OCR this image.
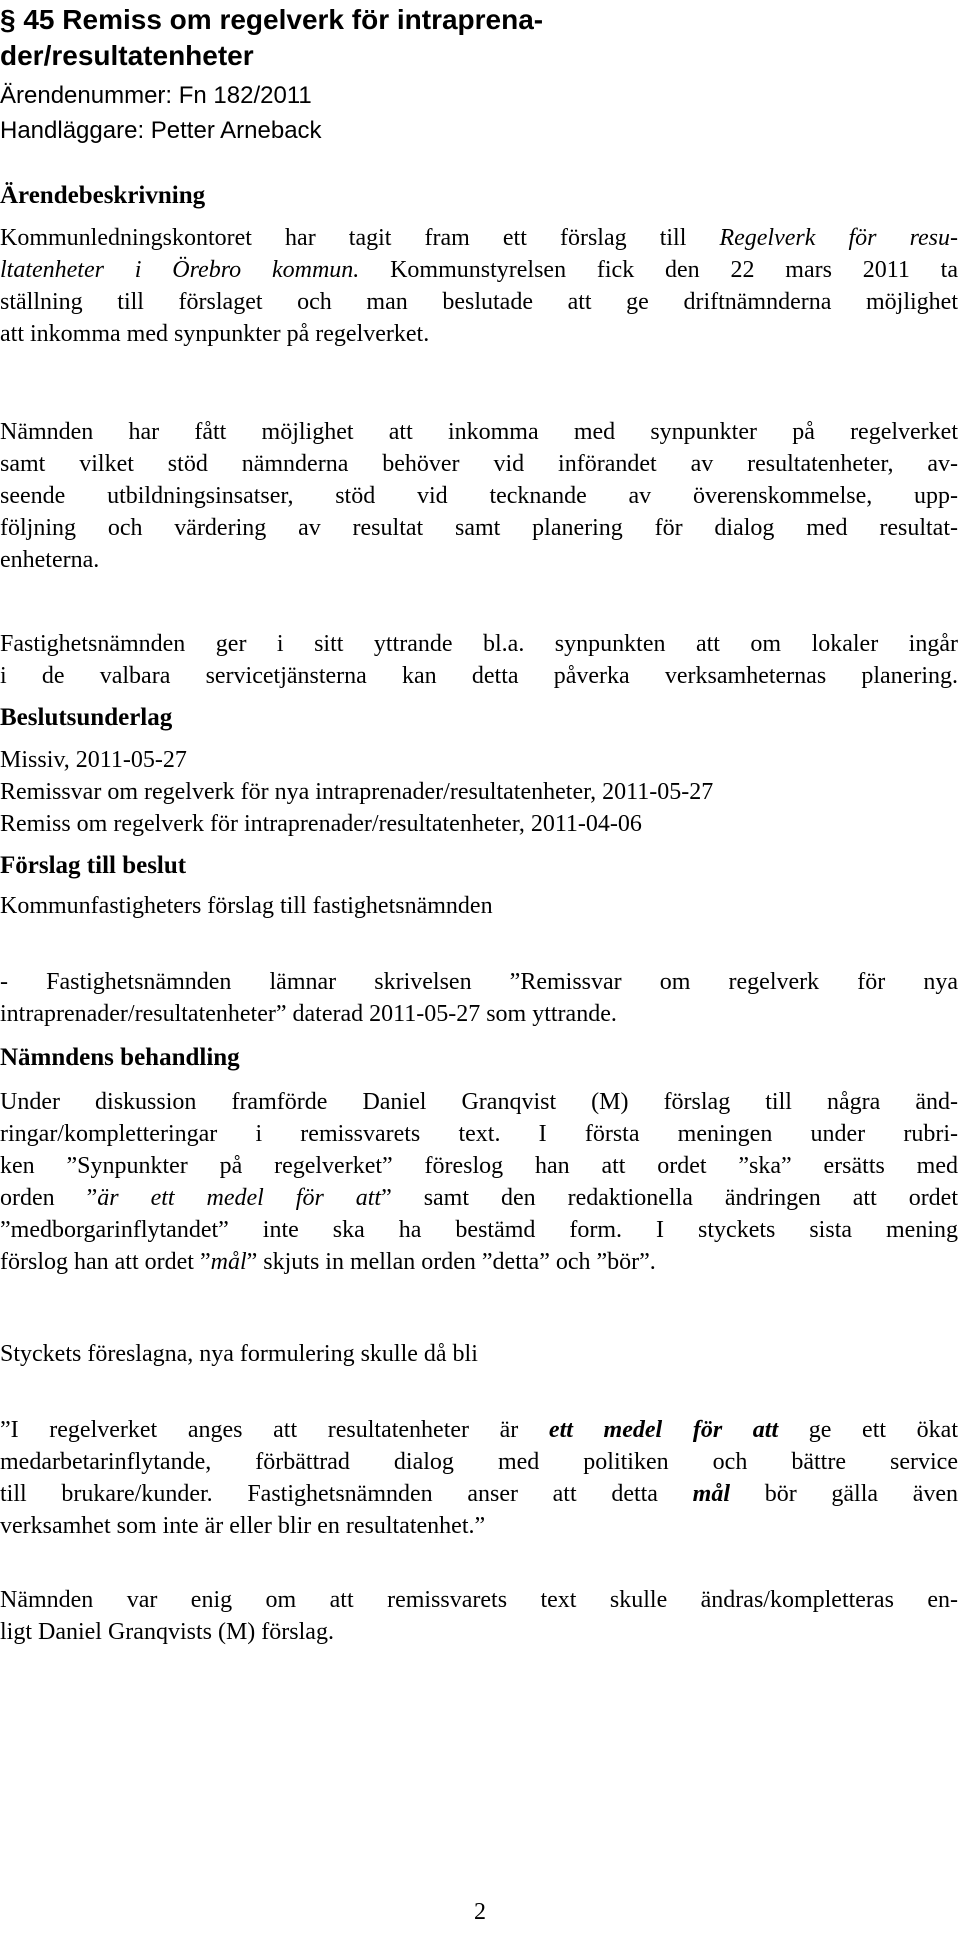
§ 45 Remiss om regelverk för intraprena-
der/resultatenheter
Ärendenummer: Fn 182/2011
Handläggare: Petter Arneback
Ärendebeskrivning
Kommunledningskontoret har tagit fram ett förslag till Regelverk för resu-
ltatenheter i Örebro kommun. Kommunstyrelsen fick den 22 mars 2011 ta
ställning till förslaget och man beslutade att ge driftnämnderna möjlighet
att inkomma med synpunkter på regelverket.
Nämnden har fått möjlighet att inkomma med synpunkter på regelverket
samt vilket stöd nämnderna behöver vid införandet av resultatenheter, av-
seende utbildningsinsatser, stöd vid tecknande av överenskommelse, upp-
följning och värdering av resultat samt planering för dialog med resultat-
enheterna.
Fastighetsnämnden ger i sitt yttrande bl.a. synpunkten att om lokaler ingår
i de valbara servicetjänsterna kan detta påverka verksamheternas planering.
Beslutsunderlag
Missiv, 2011-05-27
Remissvar om regelverk för nya intraprenader/resultatenheter, 2011-05-27
Remiss om regelverk för intraprenader/resultatenheter, 2011-04-06
Förslag till beslut
Kommunfastigheters förslag till fastighetsnämnden
- Fastighetsnämnden lämnar skrivelsen ”Remissvar om regelverk för nya
intraprenader/resultatenheter” daterad 2011-05-27 som yttrande.
Nämndens behandling
Under diskussion framförde Daniel Granqvist (M) förslag till några änd-
ringar/kompletteringar i remissvarets text. I första meningen under rubri-
ken ”Synpunkter på regelverket” föreslog han att ordet ”ska” ersätts med
orden ”är ett medel för att” samt den redaktionella ändringen att ordet
”medborgarinflytandet” inte ska ha bestämd form. I styckets sista mening
förslog han att ordet ”mål” skjuts in mellan orden ”detta” och ”bör”.
Styckets föreslagna, nya formulering skulle då bli
”I regelverket anges att resultatenheter är ett medel för att ge ett ökat
medarbetarinflytande, förbättrad dialog med politiken och bättre service
till brukare/kunder. Fastighetsnämnden anser att detta mål bör gälla även
verksamhet som inte är eller blir en resultatenhet.”
Nämnden var enig om att remissvarets text skulle ändras/kompletteras en-
ligt Daniel Granqvists (M) förslag.
2
